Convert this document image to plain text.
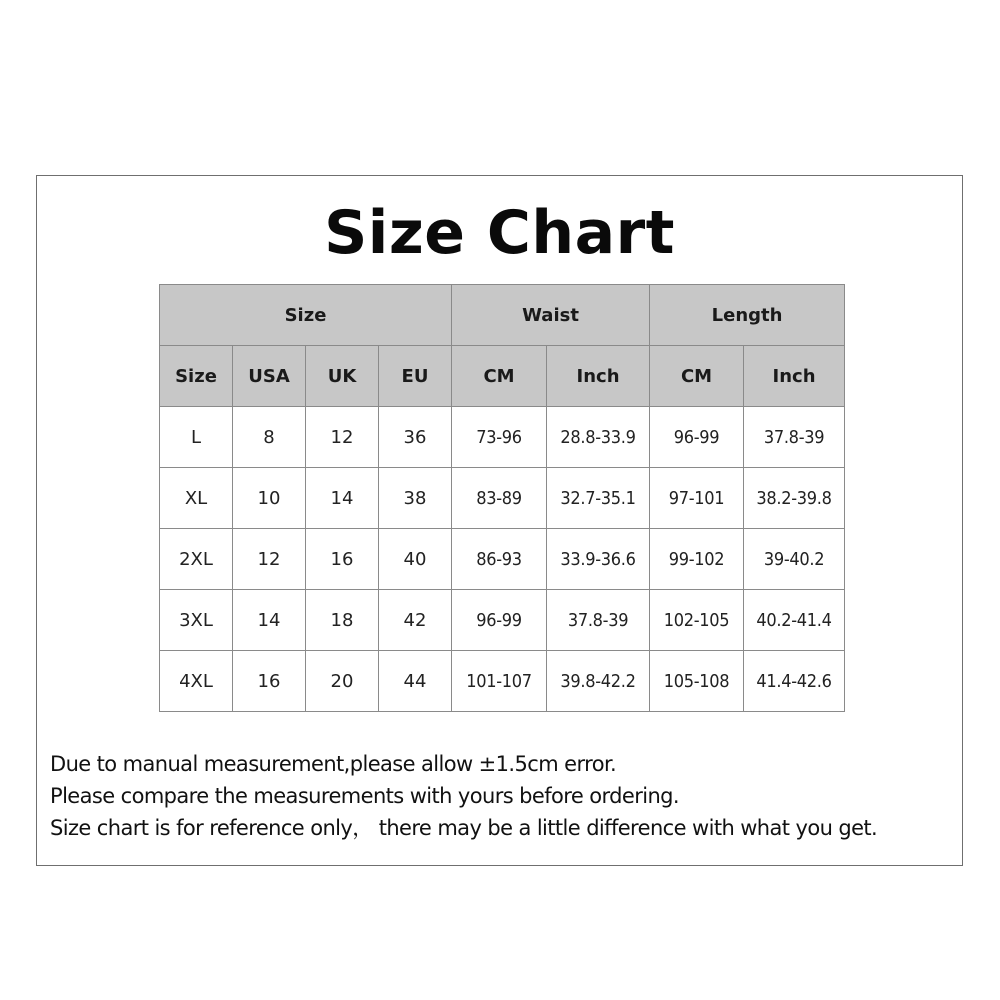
Size Chart
Size				Waist		Length	
Size	USA	UK	EU	CM	Inch	CM	Inch
L	8	12	36	73-96	28.8-33.9	96-99	37.8-39
XL	10	14	38	83-89	32.7-35.1	97-101	38.2-39.8
2XL	12	16	40	86-93	33.9-36.6	99-102	39-40.2
3XL	14	18	42	96-99	37.8-39	102-105	40.2-41.4
4XL	16	20	44	101-107	39.8-42.2	105-108	41.4-42.6
Due to manual measurement,please allow ±1.5cm error.
Please compare the measurements with yours before ordering.
Size chart is for reference only， there may be a little difference with what you get.
